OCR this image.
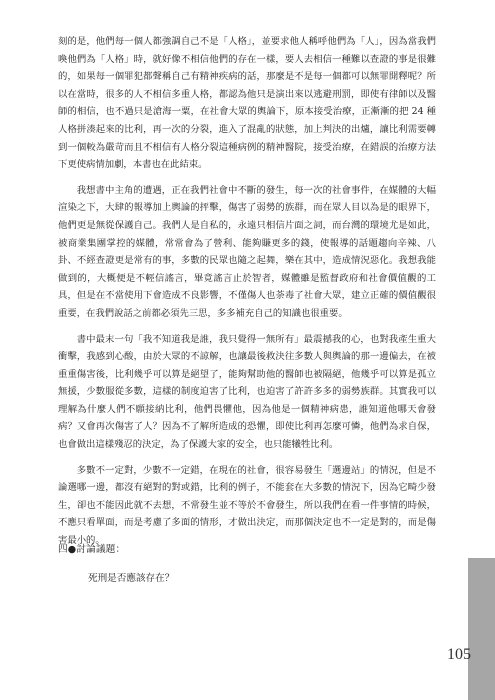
刻的是，他們每一個人都強調自己不是「人格」，並要求他人稱呼他們為「人」，因為當我們喚他們為「人格」時，就好像不相信他們的存在一樣，要人去相信一種難以查證的事是很難的，如果每一個罪犯都聲稱自己有精神疾病的話，那麼是不是每一個都可以無罪開釋呢？所以在當時，很多的人不相信多重人格，都認為他只是演出來以逃避刑罰，即使有律師以及醫師的相信，也不過只是滄海一粟，在社會大眾的輿論下，原本接受治療，正漸漸的把 24 種人格拼湊起來的比利，再一次的分裂，進入了混亂的狀態，加上判決的出爐，讓比利需要轉到一個較為嚴苛而且不相信有人格分裂這種病例的精神醫院，接受治療，在錯誤的治療方法下更使病情加劇，本書也在此結束。

我想書中主角的遭遇，正在我們社會中不斷的發生，每一次的社會事件，在媒體的大幅渲染之下，大肆的報導加上輿論的抨擊，傷害了弱勢的族群，而在眾人目以為是的眼界下，他們更是無從保護自己。我們人是自私的，永遠只相信片面之詞，而台灣的環境尤是如此，被商業集團掌控的媒體，常常會為了營利、能夠賺更多的錢，使報導的話題趨向辛辣、八卦、不經查證更是常有的事，多數的民眾也隨之起舞，樂在其中，造成情況惡化。我想我能做到的，大概便是不輕信謠言，畢竟謠言止於智者，媒體雖是監督政府和社會價值觀的工具，但是在不當使用下會造成不良影響，不僅傷人也荼毒了社會大眾，建立正確的價值觀很重要，在我們說話之前都必須先三思，多多補充自己的知識也很重要。

書中最末一句「我不知道我是誰，我只覺得一無所有」最震撼我的心，也對我產生重大衝擊，我感到心酸，由於大眾的不諒解，也讓最後救決往多數人與輿論的那一邊偏去，在被重重傷害後，比利幾乎可以算是絕望了，能夠幫助他的醫師也被隔絕，他幾乎可以算是孤立無援，少數服從多數，這樣的制度迫害了比利，也迫害了許許多多的弱勢族群。其實我可以理解為什麼人們不願接納比利，他們畏懼他，因為他是一個精神病患，誰知道他哪天會發病？又會再次傷害了人？因為不了解所造成的恐懼，即使比利再怎麼可憐，他們為求自保，也會做出這樣殘忍的決定，為了保護大家的安全，也只能犧牲比利。

多數不一定對，少數不一定錯，在現在的社會，很容易發生「選邊站」的情況，但是不論選哪一邊，都沒有絕對的對或錯，比利的例子，不能套在大多數的情況下，因為它畸少發生，卻也不能因此就不去想，不常發生並不等於不會發生，所以我們在看一件事情的時候，不應只看單面，而是考慮了多面的情形，才做出決定，而那個決定也不一定是對的，而是傷害最小的。

四●討論議題：
死刑是否應該存在？
105
